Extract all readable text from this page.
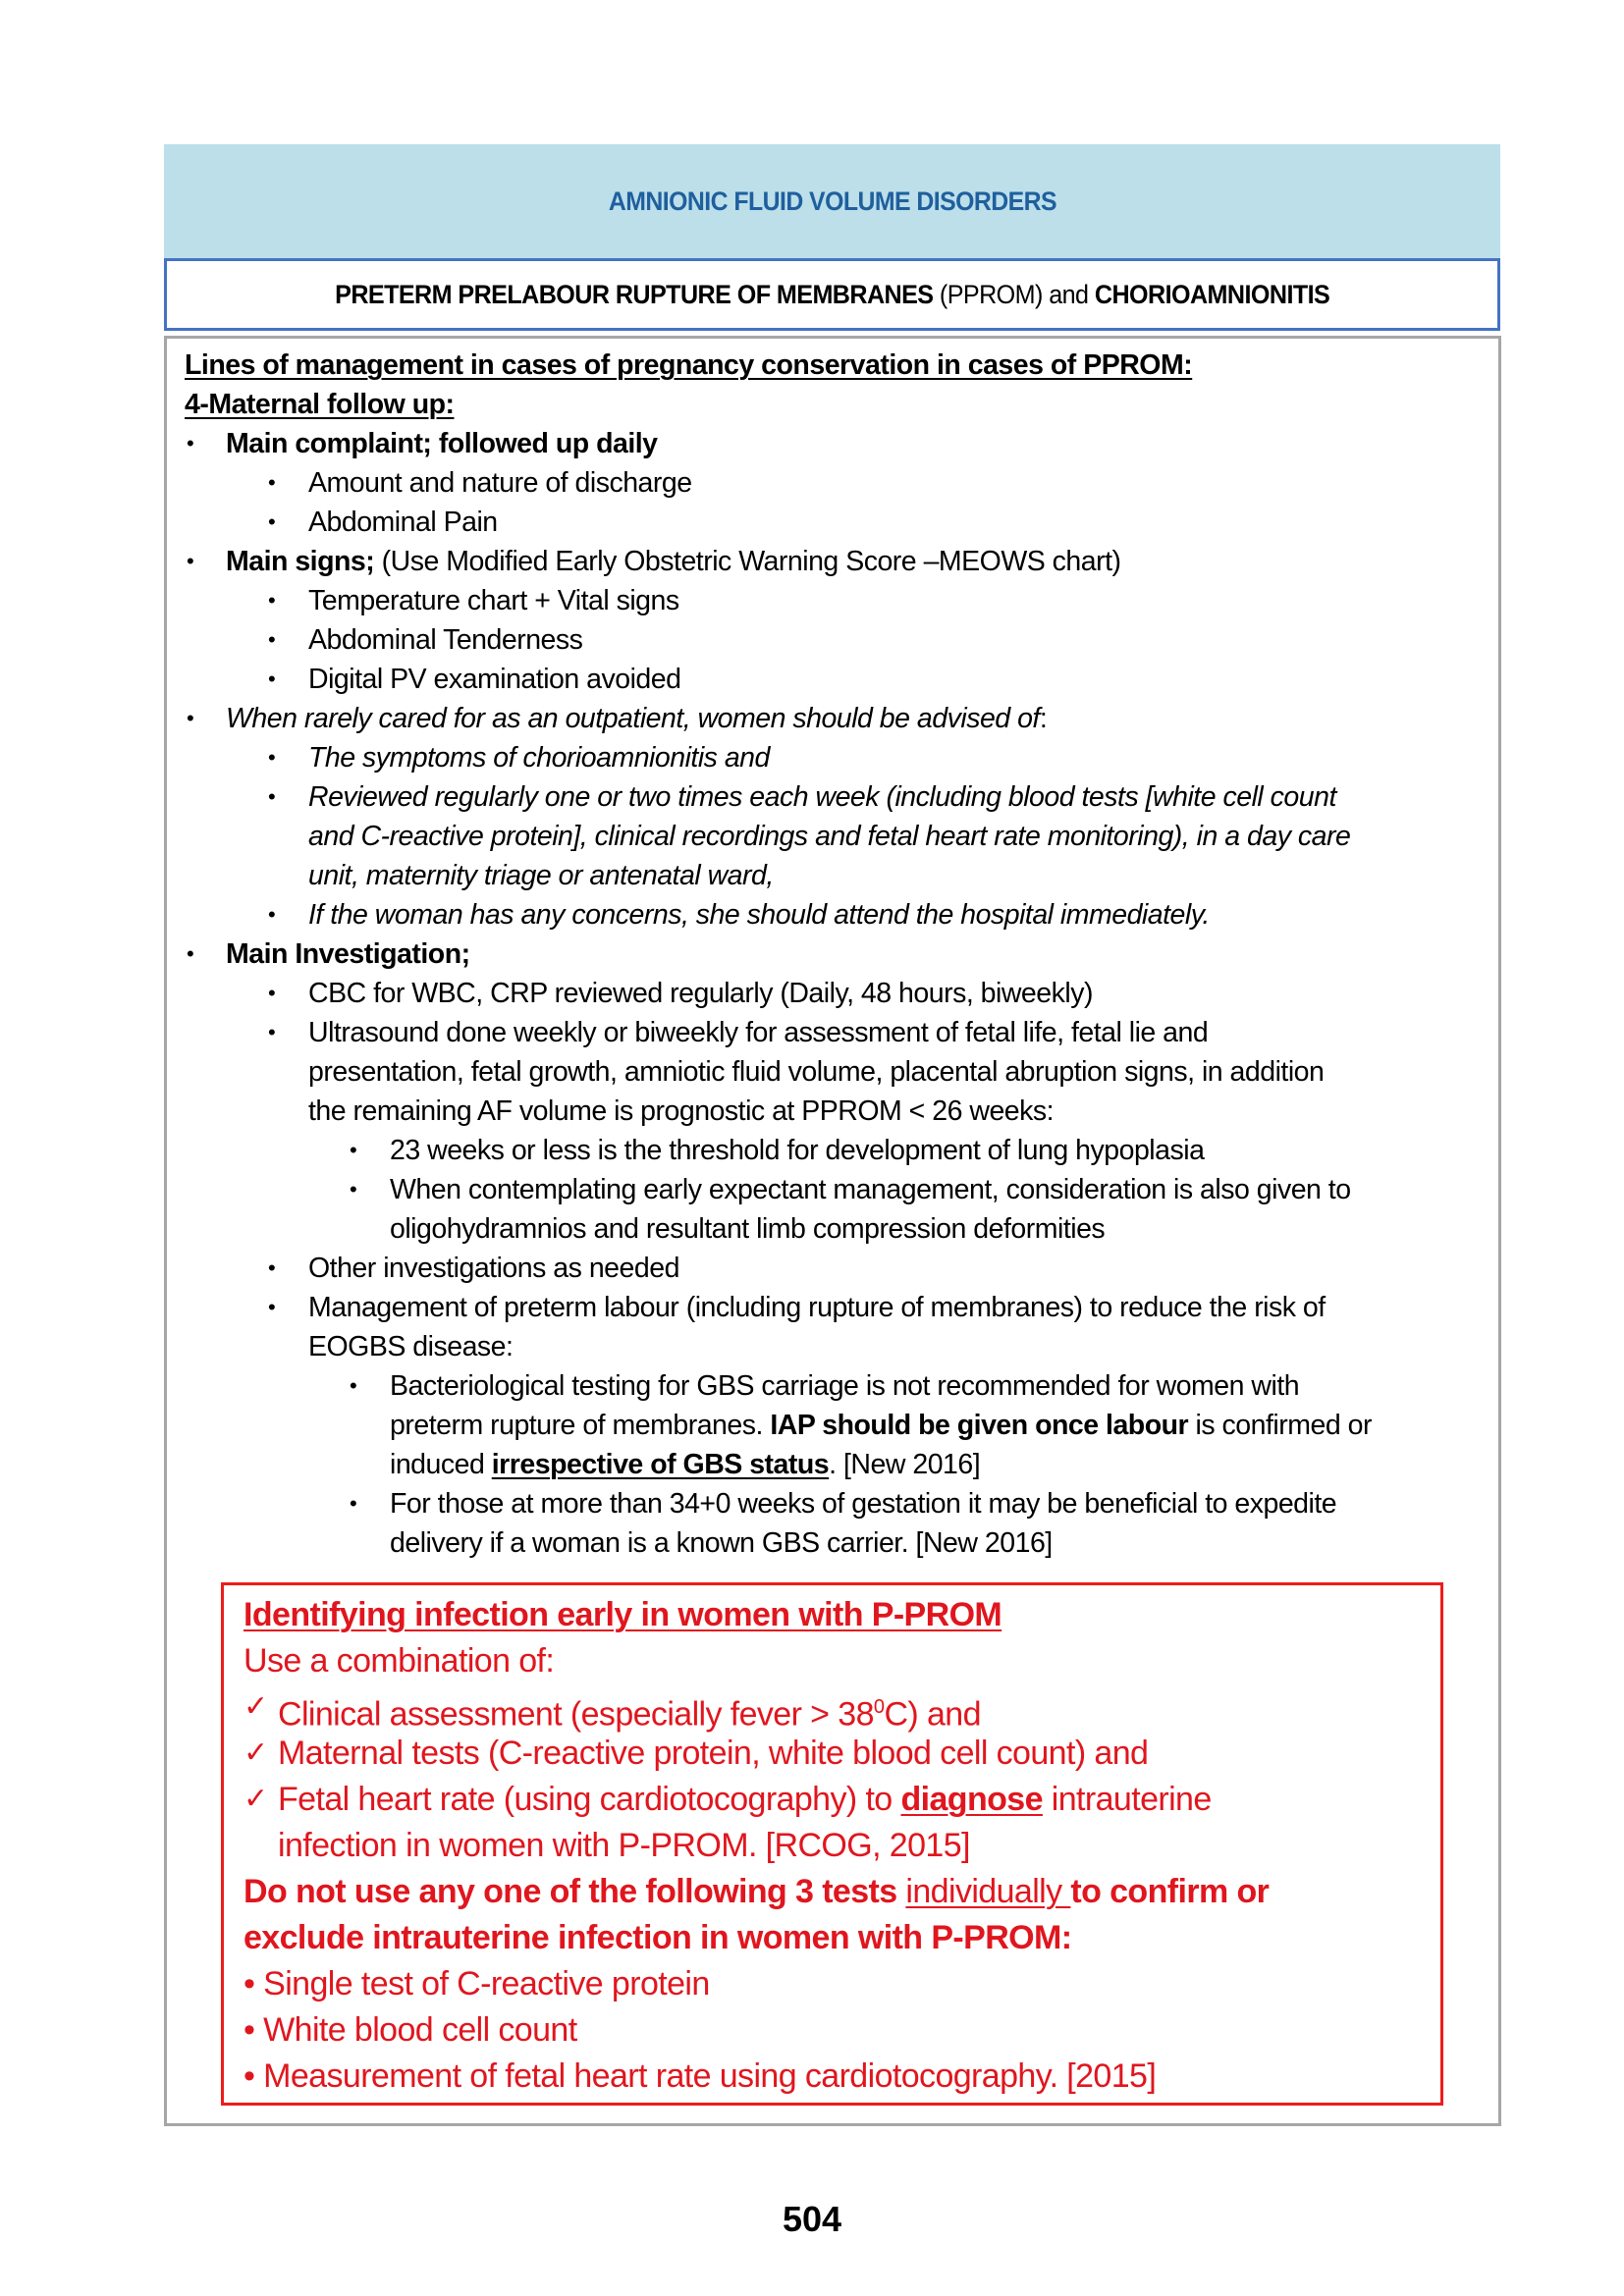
AMNIONIC FLUID VOLUME DISORDERS
PRETERM PRELABOUR RUPTURE OF MEMBRANES (PPROM) and CHORIOAMNIONITIS
Lines of management in cases of pregnancy conservation in cases of PPROM:
4-Maternal follow up:
• Main complaint; followed up daily
• Amount and nature of discharge
• Abdominal Pain
• Main signs; (Use Modified Early Obstetric Warning Score –MEOWS chart)
• Temperature chart + Vital signs
• Abdominal Tenderness
• Digital PV examination avoided
• When rarely cared for as an outpatient, women should be advised of:
• The symptoms of chorioamnionitis and
• Reviewed regularly one or two times each week (including blood tests [white cell count
and C-reactive protein], clinical recordings and fetal heart rate monitoring), in a day care
unit, maternity triage or antenatal ward,
• If the woman has any concerns, she should attend the hospital immediately.
• Main Investigation;
• CBC for WBC, CRP reviewed regularly (Daily, 48 hours, biweekly)
• Ultrasound done weekly or biweekly for assessment of fetal life, fetal lie and
presentation, fetal growth, amniotic fluid volume, placental abruption signs, in addition
the remaining AF volume is prognostic at PPROM < 26 weeks:
• 23 weeks or less is the threshold for development of lung hypoplasia
• When contemplating early expectant management, consideration is also given to
oligohydramnios and resultant limb compression deformities
• Other investigations as needed
• Management of preterm labour (including rupture of membranes) to reduce the risk of
EOGBS disease:
• Bacteriological testing for GBS carriage is not recommended for women with
preterm rupture of membranes. IAP should be given once labour is confirmed or
induced irrespective of GBS status. [New 2016]
• For those at more than 34+0 weeks of gestation it may be beneficial to expedite
delivery if a woman is a known GBS carrier. [New 2016]
Identifying infection early in women with P-PROM
Use a combination of:
✓ Clinical assessment (especially fever > $38^0C$) and
✓ Maternal tests (C-reactive protein, white blood cell count) and
✓ Fetal heart rate (using cardiotocography) to diagnose intrauterine
infection in women with P-PROM. [RCOG, 2015]
Do not use any one of the following 3 tests individually to confirm or
exclude intrauterine infection in women with P-PROM:
• Single test of C-reactive protein
• White blood cell count
• Measurement of fetal heart rate using cardiotocography. [2015]
504
